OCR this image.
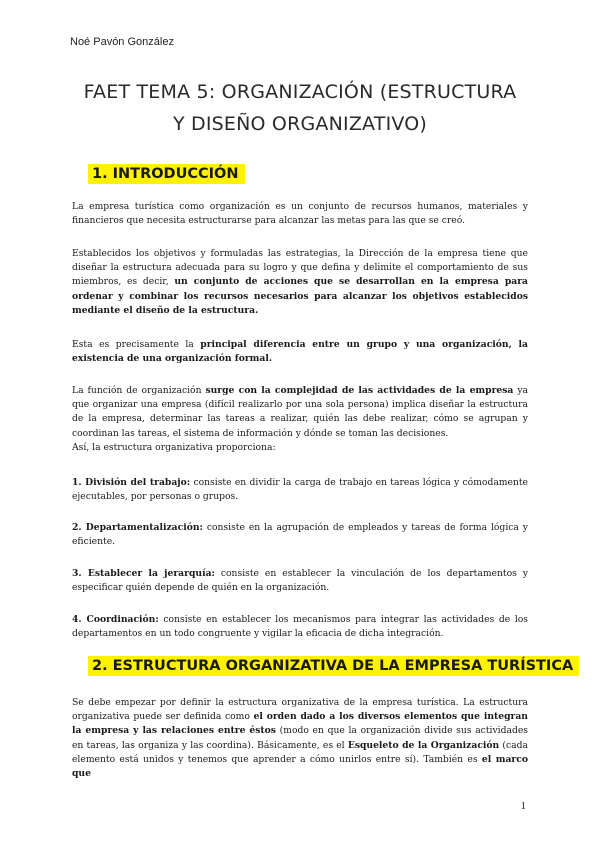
Noé Pavón González
FAET TEMA 5: ORGANIZACIÓN (ESTRUCTURA
Y DISEÑO ORGANIZATIVO)
1. INTRODUCCIÓN
La empresa turística como organización es un conjunto de recursos humanos, materiales y financieros que necesita estructurarse para alcanzar las metas para las que se creó.
Establecidos los objetivos y formuladas las estrategias, la Dirección de la empresa tiene que diseñar la estructura adecuada para su logro y que defina y delimite el comportamiento de sus miembros, es decir, un conjunto de acciones que se desarrollan en la empresa para ordenar y combinar los recursos necesarios para alcanzar los objetivos establecidos mediante el diseño de la estructura.
Esta es precisamente la principal diferencia entre un grupo y una organización, la existencia de una organización formal.
La función de organización surge con la complejidad de las actividades de la empresa ya que organizar una empresa (difícil realizarlo por una sola persona) implica diseñar la estructura de la empresa, determinar las tareas a realizar, quién las debe realizar, cómo se agrupan y coordinan las tareas, el sistema de información y dónde se toman las decisiones.
Así, la estructura organizativa proporciona:
1. División del trabajo: consiste en dividir la carga de trabajo en tareas lógica y cómodamente ejecutables, por personas o grupos.
2. Departamentalización: consiste en la agrupación de empleados y tareas de forma lógica y eficiente.
3. Establecer la jerarquía: consiste en establecer la vinculación de los departamentos y especificar quién depende de quién en la organización.
4. Coordinación: consiste en establecer los mecanismos para integrar las actividades de los departamentos en un todo congruente y vigilar la eficacia de dicha integración.
2. ESTRUCTURA ORGANIZATIVA DE LA EMPRESA TURÍSTICA
Se debe empezar por definir la estructura organizativa de la empresa turística. La estructura organizativa puede ser definida como el orden dado a los diversos elementos que integran la empresa y las relaciones entre éstos (modo en que la organización divide sus actividades en tareas, las organiza y las coordina). Básicamente, es el Esqueleto de la Organización (cada elemento está unidos y tenemos que aprender a cómo unirlos entre sí). También es el marco que
1
